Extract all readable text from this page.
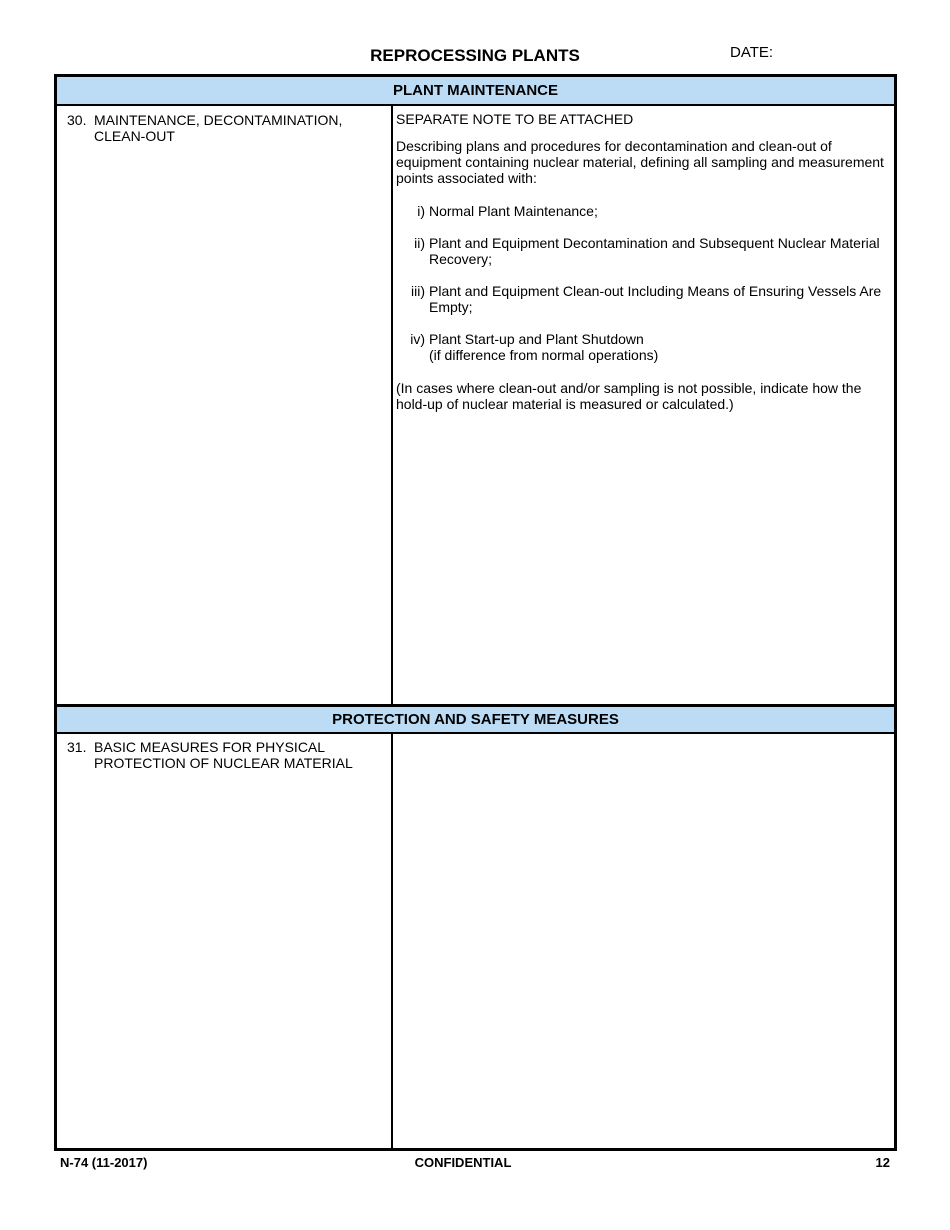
REPROCESSING PLANTS	DATE:
PLANT MAINTENANCE
30. MAINTENANCE, DECONTAMINATION, CLEAN-OUT

SEPARATE NOTE TO BE ATTACHED

Describing plans and procedures for decontamination and clean-out of equipment containing nuclear material, defining all sampling and measurement points associated with:

i) Normal Plant Maintenance;
ii) Plant and Equipment Decontamination and Subsequent Nuclear Material Recovery;
iii) Plant and Equipment Clean-out Including Means of Ensuring Vessels Are Empty;
iv) Plant Start-up and Plant Shutdown
(if difference from normal operations)

(In cases where clean-out and/or sampling is not possible, indicate how the hold-up of nuclear material is measured or calculated.)

PROTECTION AND SAFETY MEASURES
31. BASIC MEASURES FOR PHYSICAL PROTECTION OF NUCLEAR MATERIAL
N-74 (11-2017)	CONFIDENTIAL	12
